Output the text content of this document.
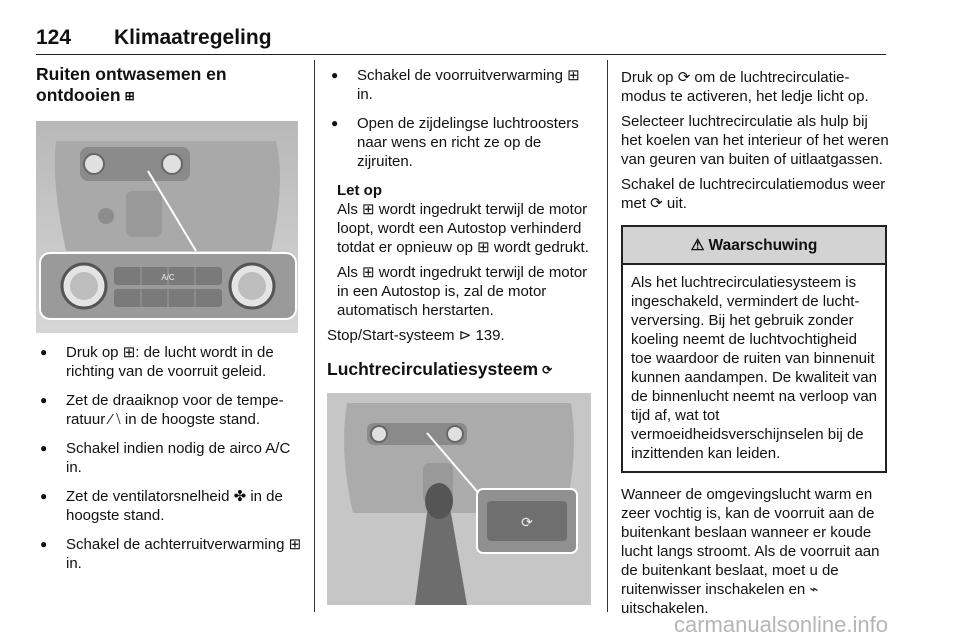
124 Klimaatregeling
Ruiten ontwasemen en ontdooien ⊞
A/C
● Druk op ⊞: de lucht wordt in de richting van de voorruit geleid.
● Zet de draaiknop voor de temperatuur ⁄ ⧵ in de hoogste stand.
● Schakel indien nodig de airco A/C in.
● Zet de ventilatorsnelheid ✤ in de hoogste stand.
● Schakel de achterruitverwarming ⊞ in.
● Schakel de voorruitverwarming ⊞ in.
● Open de zijdelingse luchtroosters naar wens en richt ze op de zijruiten.
Let op
Als ⊞ wordt ingedrukt terwijl de motor loopt, wordt een Autostop verhinderd totdat er opnieuw op ⊞ wordt gedrukt.
Als ⊞ wordt ingedrukt terwijl de motor in een Autostop is, zal de motor automatisch herstarten.
Stop/Start-systeem ⊳ 139.
Luchtrecirculatiesysteem ⟳
⟳
Druk op ⟳ om de luchtrecirculatiemodus te activeren, het ledje licht op.
Selecteer luchtrecirculatie als hulp bij het koelen van het interieur of het weren van geuren van buiten of uitlaatgassen.
Schakel de luchtrecirculatiemodus weer met ⟳ uit.
⚠ Waarschuwing
Als het luchtrecirculatiesysteem is ingeschakeld, vermindert de luchtverversing. Bij het gebruik zonder koeling neemt de luchtvochtigheid toe waardoor de ruiten van binnenuit kunnen aandampen. De kwaliteit van de binnenlucht neemt na verloop van tijd af, wat tot vermoeidheidsverschijnselen bij de inzittenden kan leiden.
Wanneer de omgevingslucht warm en zeer vochtig is, kan de voorruit aan de buitenkant beslaan wanneer er koude lucht langs stroomt. Als de voorruit aan de buitenkant beslaat, moet u de ruitenwisser inschakelen en ⌁ uitschakelen.
carmanualsonline.info
